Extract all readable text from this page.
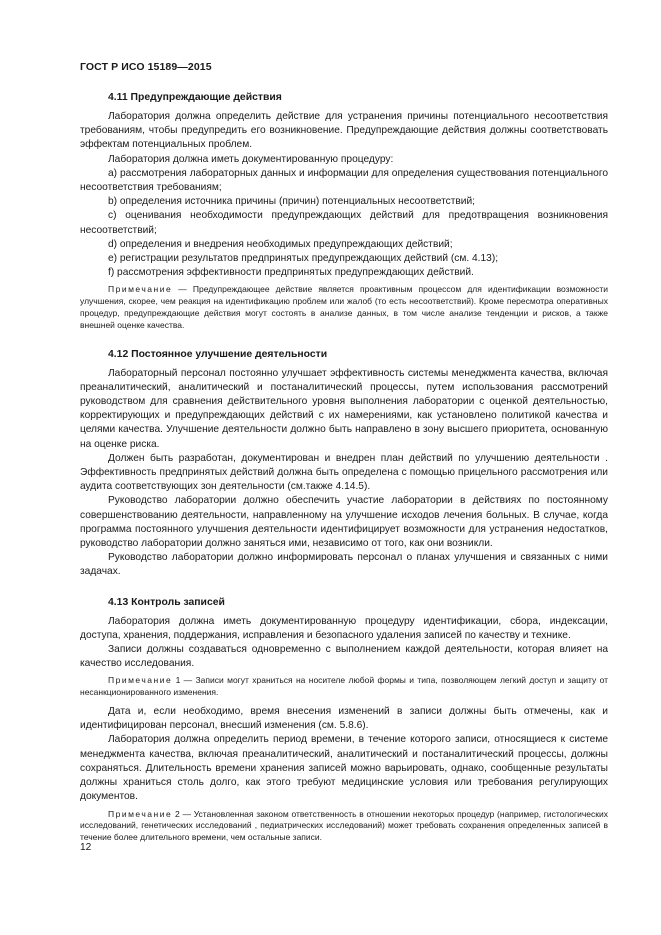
ГОСТ Р ИСО 15189—2015
4.11 Предупреждающие действия

Лаборатория должна определить действие для устранения причины потенциального несоответствия требованиям, чтобы предупредить его возникновение. Предупреждающие действия должны соответствовать эффектам потенциальных проблем.

Лаборатория должна иметь документированную процедуру:

a) рассмотрения лабораторных данных и информации для определения существования потенциального несоответствия требованиям;

b) определения источника причины (причин) потенциальных несоответствий;

c) оценивания необходимости предупреждающих действий для предотвращения возникновения несоответствий;

d) определения и внедрения необходимых предупреждающих действий;

e) регистрации результатов предпринятых предупреждающих действий (см. 4.13);

f) рассмотрения эффективности предпринятых предупреждающих действий.

Примечание — Предупреждающее действие является проактивным процессом для идентификации возможности улучшения, скорее, чем реакция на идентификацию проблем или жалоб (то есть несоответствий). Кроме пересмотра оперативных процедур, предупреждающие действия могут состоять в анализе данных, в том числе анализе тенденции и рисков, а также внешней оценке качества.

4.12 Постоянное улучшение деятельности

Лабораторный персонал постоянно улучшает эффективность системы менеджмента качества, включая преаналитический, аналитический и постаналитический процессы, путем использования рассмотрений руководством для сравнения действительного уровня выполнения лаборатории с оценкой деятельностью, корректирующих и предупреждающих действий с их намерениями, как установлено политикой качества и целями качества. Улучшение деятельности должно быть направлено в зону высшего приоритета, основанную на оценке риска.

Должен быть разработан, документирован и внедрен план действий по улучшению деятельности . Эффективность предпринятых действий должна быть определена с помощью прицельного рассмотрения или аудита соответствующих зон деятельности (см.также 4.14.5).

Руководство лаборатории должно обеспечить участие лаборатории в действиях по постоянному совершенствованию деятельности, направленному на улучшение исходов лечения больных. В случае, когда программа постоянного улучшения деятельности идентифицирует возможности для устранения недостатков, руководство лаборатории должно заняться ими, независимо от того, как они возникли.

Руководство лаборатории должно информировать персонал о планах улучшения и связанных с ними задачах.

4.13 Контроль записей

Лаборатория должна иметь документированную процедуру идентификации, сбора, индексации, доступа, хранения, поддержания, исправления и безопасного удаления записей по качеству и технике.

Записи должны создаваться одновременно с выполнением каждой деятельности, которая влияет на качество исследования.

Примечание 1 — Записи могут храниться на носителе любой формы и типа, позволяющем легкий доступ и защиту от несанкционированного изменения.

Дата и, если необходимо, время внесения изменений в записи должны быть отмечены, как и идентифицирован персонал, внесший изменения (см. 5.8.6).

Лаборатория должна определить период времени, в течение которого записи, относящиеся к системе менеджмента качества, включая преаналитический, аналитический и постаналитический процессы, должны сохраняться. Длительность времени хранения записей можно варьировать, однако, сообщенные результаты должны храниться столь долго, как этого требуют медицинские условия или требования регулирующих документов.

Примечание 2 — Установленная законом ответственность в отношении некоторых процедур (например, гистологических исследований, генетических исследований , педиатрических исследований) может требовать сохранения определенных записей в течение более длительного времени, чем остальные записи.

12
